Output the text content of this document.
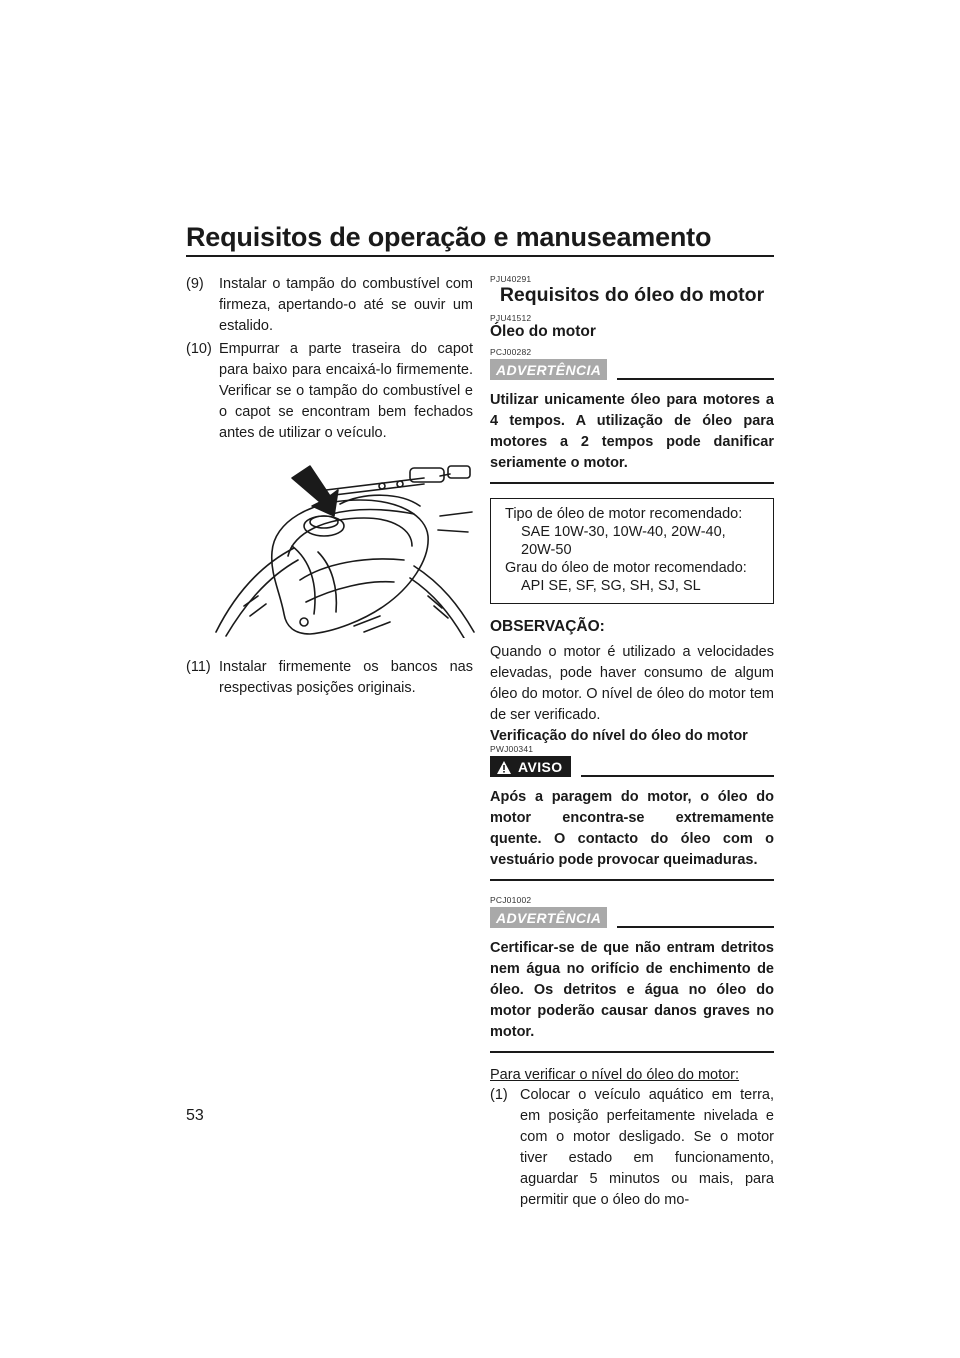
Requisitos de operação e manuseamento
(9)	Instalar o tampão do combustível com firmeza, apertando-o até se ouvir um estalido.
(10) Empurrar a parte traseira do capot para baixo para encaixá-lo firmemente. Verificar se o tampão do combustível e o capot se encontram bem fechados antes de utilizar o veículo.
(11) Instalar firmemente os bancos nas respectivas posições originais.
PJU40291
Requisitos do óleo do motor
PJU41512
Óleo do motor
PCJ00282
ADVERTÊNCIA
Utilizar unicamente óleo para motores a 4 tempos. A utilização de óleo para motores a 2 tempos pode danificar seriamente o motor.
Tipo de óleo de motor recomendado:
SAE 10W-30, 10W-40, 20W-40,
20W-50
Grau do óleo de motor recomendado:
API SE, SF, SG, SH, SJ, SL
OBSERVAÇÃO:

Quando o motor é utilizado a velocidades elevadas, pode haver consumo de algum óleo do motor. O nível de óleo do motor tem de ser verificado.

Verificação do nível do óleo do motor

PWJ00341
AVISO
Após a paragem do motor, o óleo do motor encontra-se extremamente quente. O contacto do óleo com o vestuário pode provocar queimaduras.
PCJ01002
ADVERTÊNCIA
Certificar-se de que não entram detritos nem água no orifício de enchimento de óleo. Os detritos e água no óleo do motor poderão causar danos graves no motor.

Para verificar o nível do óleo do motor:

(1) Colocar o veículo aquático em terra, em posição perfeitamente nivelada e com o motor desligado. Se o motor tiver estado em funcionamento, aguardar 5 minutos ou mais, para permitir que o óleo do mo-
53
